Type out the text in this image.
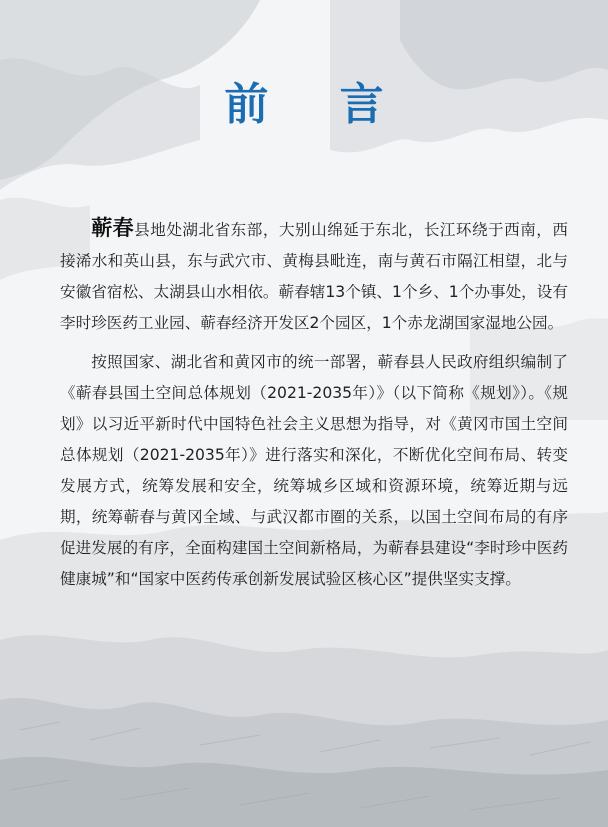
前 言

蕲春县地处湖北省东部，大别山绵延于东北，长江环绕于西南，西接浠水和英山县，东与武穴市、黄梅县毗连，南与黄石市隔江相望，北与安徽省宿松、太湖县山水相依。蕲春辖13个镇、1个乡、1个办事处，设有李时珍医药工业园、蕲春经济开发区2个园区，1个赤龙湖国家湿地公园。

按照国家、湖北省和黄冈市的统一部署，蕲春县人民政府组织编制了《蕲春县国土空间总体规划（2021-2035年）》（以下简称《规划》）。《规划》以习近平新时代中国特色社会主义思想为指导，对《黄冈市国土空间总体规划（2021-2035年）》进行落实和深化，不断优化空间布局、转变发展方式，统筹发展和安全，统筹城乡区域和资源环境，统筹近期与远期，统筹蕲春与黄冈全域、与武汉都市圈的关系，以国土空间布局的有序促进发展的有序，全面构建国土空间新格局，为蕲春县建设“李时珍中医药健康城”和“国家中医药传承创新发展试验区核心区”提供坚实支撑。
